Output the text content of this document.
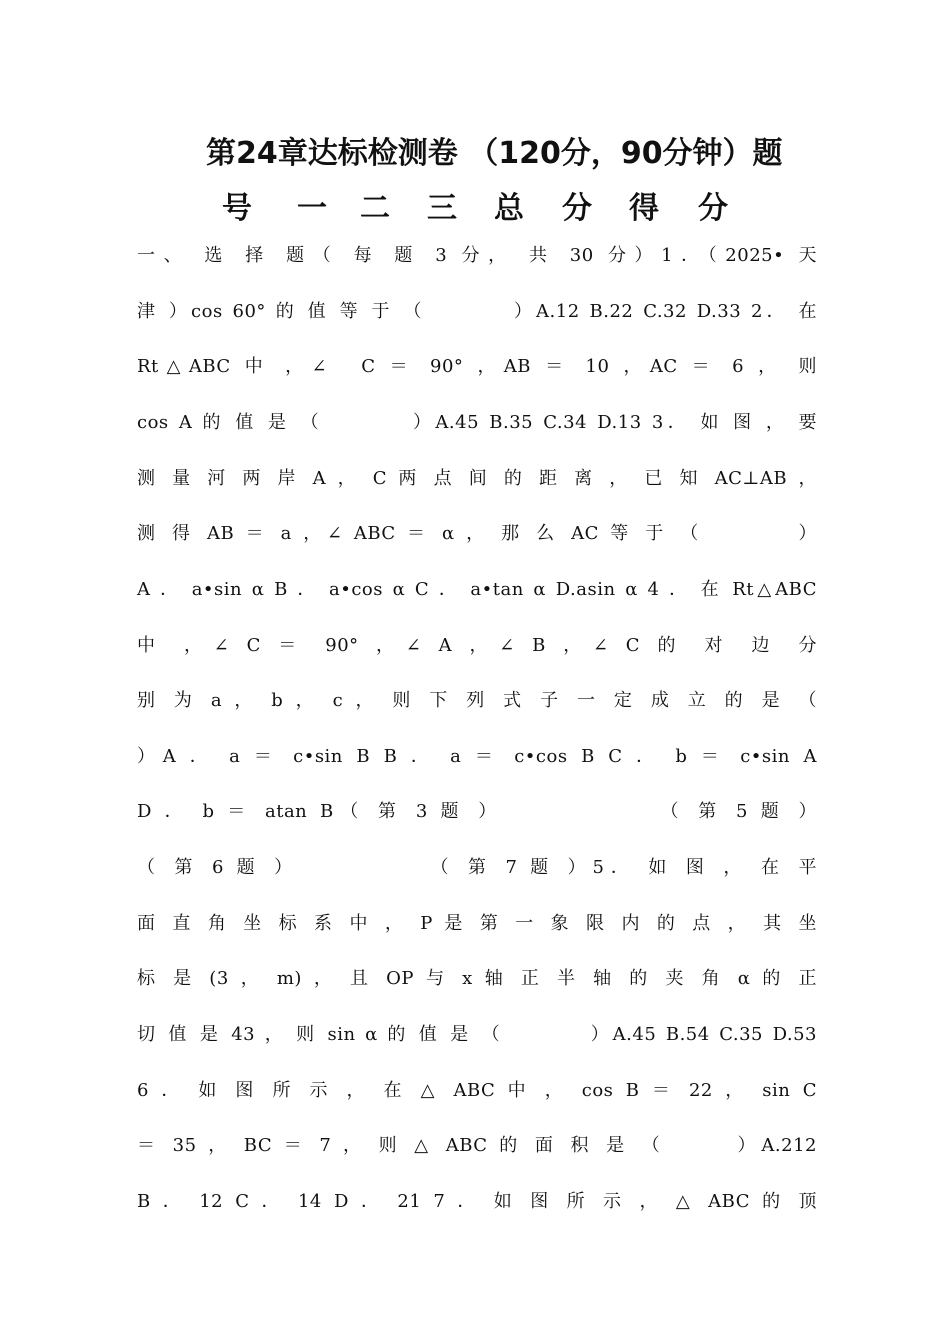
第24章达标检测卷 （120分，90分钟）题
号 一 二 三 总 分 得 分
一、 选 择 题（ 每 题 3 分， 共 30 分）1．（2025• 天
津 ）cos 60° 的 值 等 于 （　　　　）A.12 B.22 C.32 D.33 2． 在
Rt△ABC 中 ，∠　C ＝ 90° ，AB ＝ 10 ，AC ＝ 6 ， 则
cos A 的 值 是 （　　　　）A.45 B.35 C.34 D.13 3． 如 图 ， 要
测 量 河 两 岸 A ， C 两 点 间 的 距 离 ， 已 知 AC⊥AB ，
测 得 AB ＝ a ，∠ ABC ＝ α ， 那 么 AC 等 于 （　　　　）
A ． a•sin α B ． a•cos α C ． a•tan α D.asin α 4 ． 在 Rt△ABC
中 ，∠ C ＝ 90° ，∠ A ，∠ B ，∠ C 的 对 边 分
别 为 a ， b ， c ， 则 下 列 式 子 一 定 成 立 的 是 （
）A ． a ＝ c•sin B B ． a ＝ c•cos B C ． b ＝ c•sin A
D ． b ＝ atan B（ 第 3 题 ）　　　　　　　（ 第 5 题 ）
（ 第 6 题 ）　　　　　　（ 第 7 题 ）5． 如 图 ， 在 平
面 直 角 坐 标 系 中 ， P 是 第 一 象 限 内 的 点 ， 其 坐
标 是 (3 ， m) ， 且 OP 与 x 轴 正 半 轴 的 夹 角 α 的 正
切 值 是 43 ， 则 sin α 的 值 是 （　　　　）A.45 B.54 C.35 D.53
6 ． 如 图 所 示 ， 在 △ ABC 中 ， cos B ＝ 22 ， sin C
＝ 35 ， BC ＝ 7 ， 则 △ ABC 的 面 积 是 （　　　）A.212
B ． 12 C ． 14 D ． 21 7 ． 如 图 所 示 ， △ ABC 的 顶
